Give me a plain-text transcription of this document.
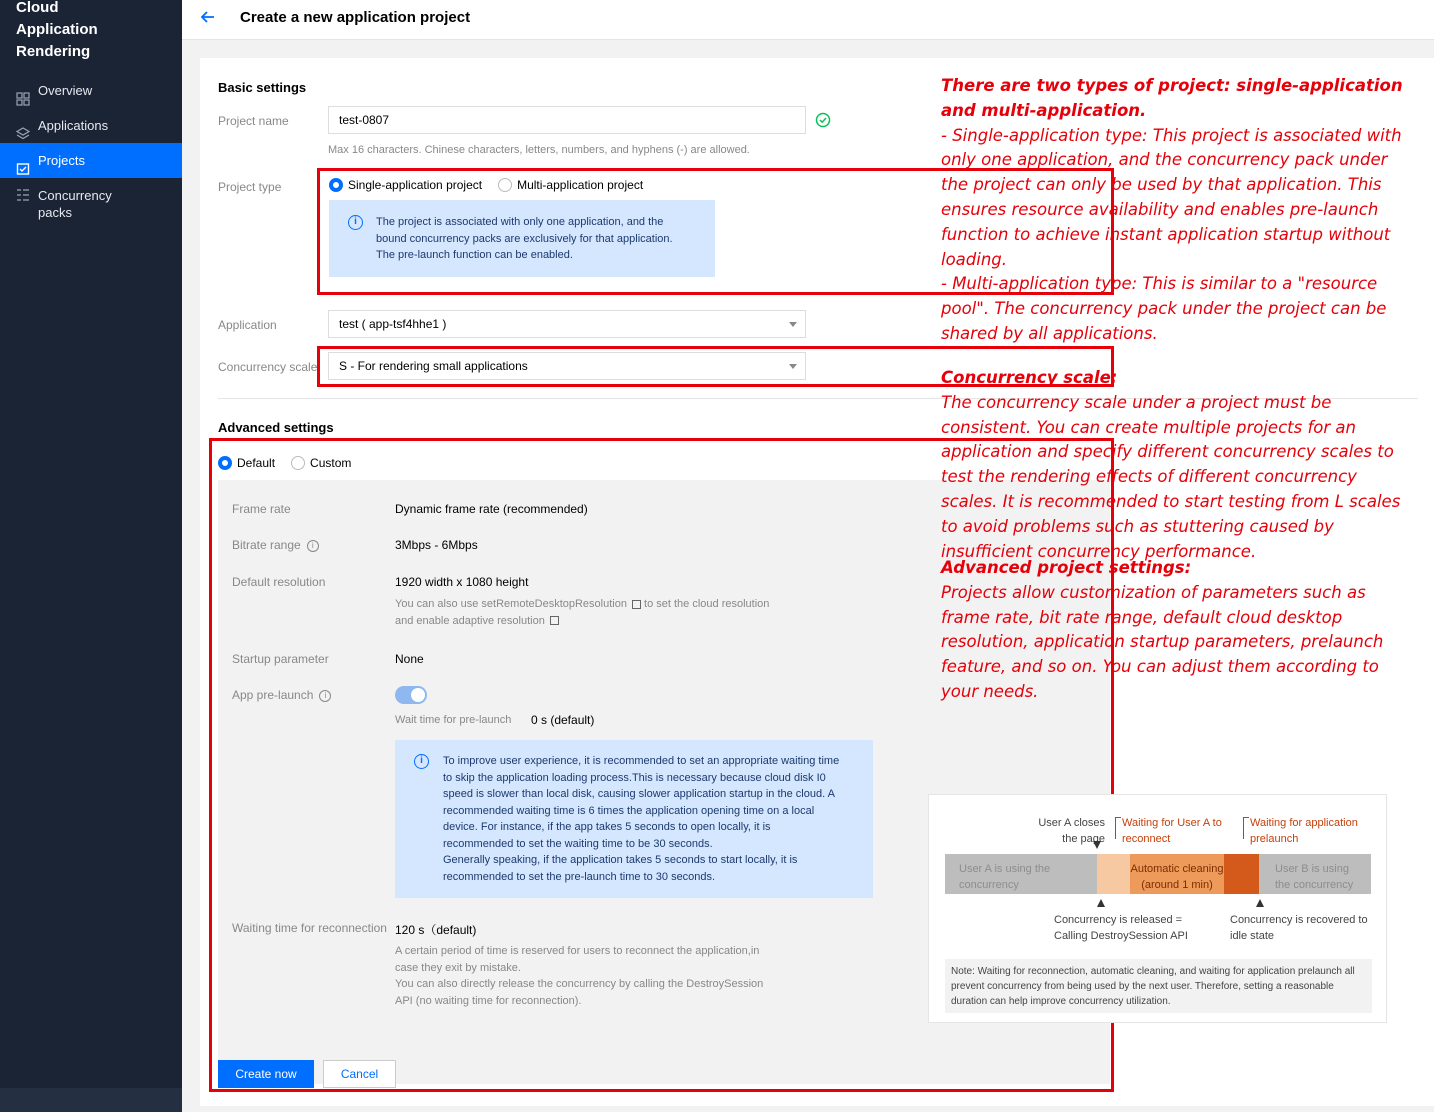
Cloud Application Rendering
Overview
Applications
Projects
Concurrency packs
Create a new application project
Basic settings
Project name	test-0807
Max 16 characters. Chinese characters, letters, numbers, and hyphens (-) are allowed.
Project type	Single-application project	Multi-application project
i	The project is associated with only one application, and the bound concurrency packs are exclusively for that application. The pre-launch function can be enabled.
Application	test ( app-tsf4hhe1 )
Concurrency scale	S - For rendering small applications
Advanced settings
Default	Custom
Frame rate	Dynamic frame rate (recommended)
Bitrate range i	3Mbps - 6Mbps
Default resolution	1920 width x 1080 height
You can also use setRemoteDesktopResolution to set the cloud resolution
and enable adaptive resolution
Startup parameter	None
App pre-launch i
Wait time for pre-launch 0 s (default)
i	To improve user experience, it is recommended to set an appropriate waiting time to skip the application loading process.This is necessary because cloud disk I0 speed is slower than local disk, causing slower application startup in the cloud. A recommended waiting time is 6 times the application opening time on a local device. For instance, if the app takes 5 seconds to open locally, it is recommended to set the waiting time to be 30 seconds.
Generally speaking, if the application takes 5 seconds to start locally, it is recommended to set the pre-launch time to 30 seconds.
Waiting time for reconnection 120 s（default)
A certain period of time is reserved for users to reconnect the application,in case they exit by mistake.
You can also directly release the concurrency by calling the DestroySession API (no waiting time for reconnection).
Create now	Cancel
There are two types of project: single-application and multi-application.
- Single-application type: This project is associated with only one application, and the concurrency pack under the project can only be used by that application. This ensures resource availability and enables pre-launch function to achieve instant application startup without loading.
- Multi-application type: This is similar to a "resource pool". The concurrency pack under the project can be shared by all applications.
Concurrency scale:
The concurrency scale under a project must be consistent. You can create multiple projects for an application and specify different concurrency scales to test the rendering effects of different concurrency scales. It is recommended to start testing from L scales to avoid problems such as stuttering caused by insufficient concurrency performance.
Advanced project settings:
Projects allow customization of parameters such as frame rate, bit rate range, default cloud desktop resolution, application startup parameters, prelaunch feature, and so on. You can adjust them according to your needs.
User A closes the page
Waiting for User A to reconnect
Waiting for application prelaunch
User A is using the concurrency
Automatic cleaning (around 1 min)
User B is using the concurrency
Concurrency is released = Calling DestroySession API
Concurrency is recovered to idle state
Note: Waiting for reconnection, automatic cleaning, and waiting for application prelaunch all prevent concurrency from being used by the next user. Therefore, setting a reasonable duration can help improve concurrency utilization.
